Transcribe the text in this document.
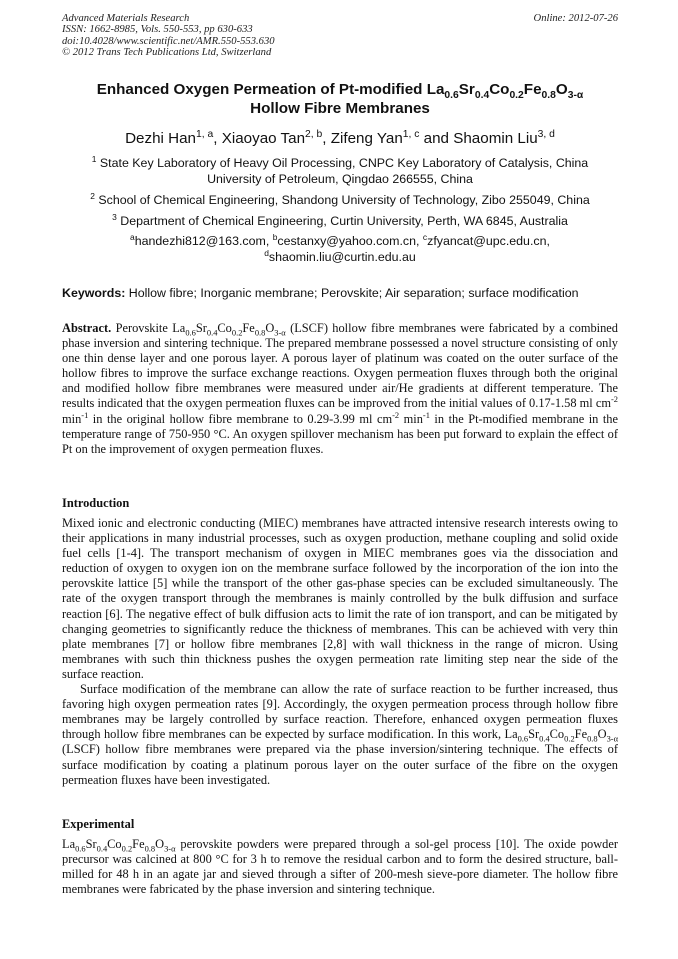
Advanced Materials Research
ISSN: 1662-8985, Vols. 550-553, pp 630-633
doi:10.4028/www.scientific.net/AMR.550-553.630
© 2012 Trans Tech Publications Ltd, Switzerland
Online: 2012-07-26
Enhanced Oxygen Permeation of Pt-modified $La_{0.6}Sr_{0.4}Co_{0.2}Fe_{0.8}O_{3-\alpha}$
Hollow Fibre Membranes
Dezhi Han$^{1, a}$, Xiaoyao Tan$^{2, b}$, Zifeng Yan$^{1, c}$ and Shaomin Liu$^{3, d}$
$^1$ State Key Laboratory of Heavy Oil Processing, CNPC Key Laboratory of Catalysis, China
University of Petroleum, Qingdao 266555, China
$^2$ School of Chemical Engineering, Shandong University of Technology, Zibo 255049, China
$^3$ Department of Chemical Engineering, Curtin University, Perth, WA 6845, Australia
$^a$handezhi812@163.com, $^b$cestanxy@yahoo.com.cn, $^c$zfyancat@upc.edu.cn,
$^d$shaomin.liu@curtin.edu.au
Keywords: Hollow fibre; Inorganic membrane; Perovskite; Air separation; surface modification

Abstract. Perovskite $La_{0.6}Sr_{0.4}Co_{0.2}Fe_{0.8}O_{3-\alpha}$ (LSCF) hollow fibre membranes were fabricated by a combined phase inversion and sintering technique. The prepared membrane possessed a novel structure consisting of only one thin dense layer and one porous layer. A porous layer of platinum was coated on the outer surface of the hollow fibres to improve the surface exchange reactions. Oxygen permeation fluxes through both the original and modified hollow fibre membranes were measured under air/He gradients at different temperature. The results indicated that the oxygen permeation fluxes can be improved from the initial values of 0.17-1.58 ml $cm^{-2}$ $\min^{-1}$ in the original hollow fibre membrane to 0.29-3.99 ml $cm^{-2}$ $\min^{-1}$ in the Pt-modified membrane in the temperature range of 750-950 °C. An oxygen spillover mechanism has been put forward to explain the effect of Pt on the improvement of oxygen permeation fluxes.

Introduction

Mixed ionic and electronic conducting (MIEC) membranes have attracted intensive research interests owing to their applications in many industrial processes, such as oxygen production, methane coupling and solid oxide fuel cells [1-4]. The transport mechanism of oxygen in MIEC membranes goes via the dissociation and reduction of oxygen to oxygen ion on the membrane surface followed by the incorporation of the ion into the perovskite lattice [5] while the transport of the other gas-phase species can be excluded simultaneously. The rate of the oxygen transport through the membranes is mainly controlled by the bulk diffusion and surface reaction [6]. The negative effect of bulk diffusion acts to limit the rate of ion transport, and can be mitigated by changing geometries to significantly reduce the thickness of membranes. This can be achieved with very thin plate membranes [7] or hollow fibre membranes [2,8] with wall thickness in the range of micron. Using membranes with such thin thickness pushes the oxygen permeation rate limiting step near the side of the surface reaction.

Surface modification of the membrane can allow the rate of surface reaction to be further increased, thus favoring high oxygen permeation rates [9]. Accordingly, the oxygen permeation process through hollow fibre membranes may be largely controlled by surface reaction. Therefore, enhanced oxygen permeation fluxes through hollow fibre membranes can be expected by surface modification. In this work, $La_{0.6}Sr_{0.4}Co_{0.2}Fe_{0.8}O_{3-\alpha}$ (LSCF) hollow fibre membranes were prepared via the phase inversion/sintering technique. The effects of surface modification by coating a platinum porous layer on the outer surface of the fibre on the oxygen permeation fluxes have been investigated.

Experimental

$La_{0.6}Sr_{0.4}Co_{0.2}Fe_{0.8}O_{3-\alpha}$ perovskite powders were prepared through a sol-gel process [10]. The oxide powder precursor was calcined at 800 °C for 3 h to remove the residual carbon and to form the desired structure, ball-milled for 48 h in an agate jar and sieved through a sifter of 200-mesh sieve-pore diameter. The hollow fibre membranes were fabricated by the phase inversion and sintering technique.
